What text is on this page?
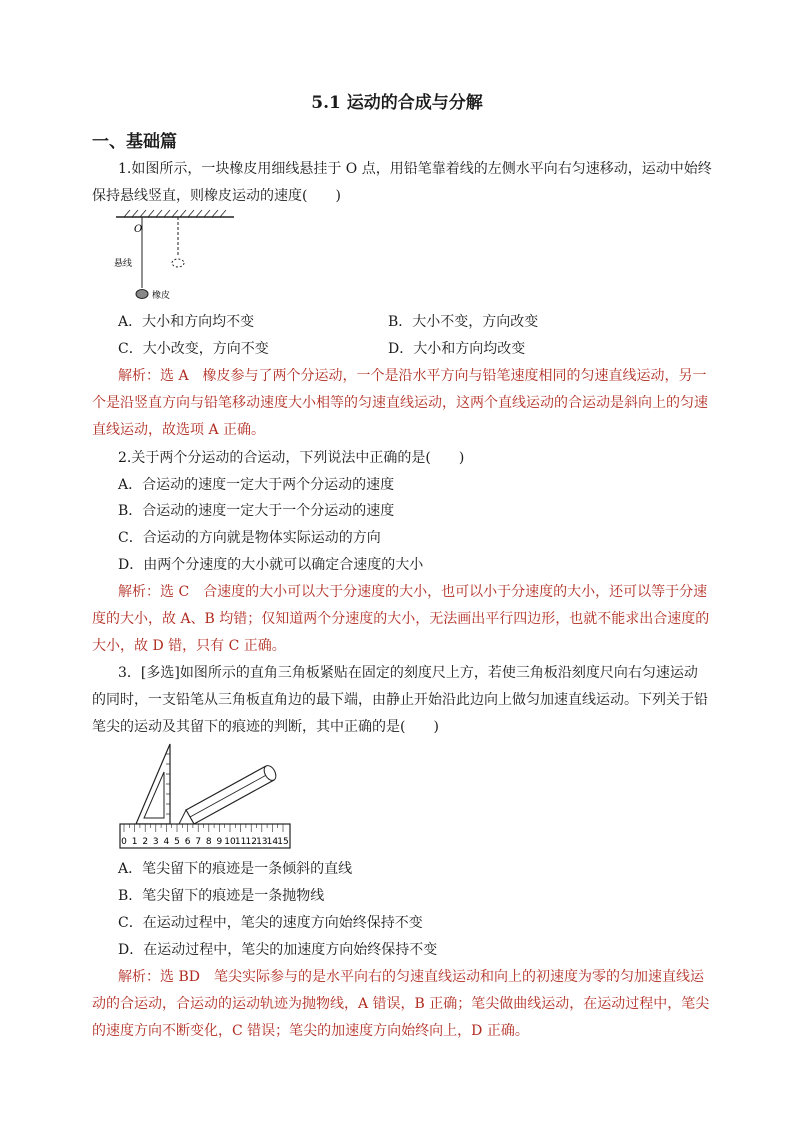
5.1 运动的合成与分解
一、基础篇
1.如图所示，一块橡皮用细线悬挂于 O 点，用铅笔靠着线的左侧水平向右匀速移动，运动中始终
保持悬线竖直，则橡皮运动的速度(　　)
O
悬线
橡皮
A．大小和方向均不变	B．大小不变，方向改变
C．大小改变，方向不变	D．大小和方向均改变
解析：选 A　橡皮参与了两个分运动，一个是沿水平方向与铅笔速度相同的匀速直线运动，另一
个是沿竖直方向与铅笔移动速度大小相等的匀速直线运动，这两个直线运动的合运动是斜向上的匀速
直线运动，故选项 A 正确。
2.关于两个分运动的合运动，下列说法中正确的是(　　)
A．合运动的速度一定大于两个分运动的速度
B．合运动的速度一定大于一个分运动的速度
C．合运动的方向就是物体实际运动的方向
D．由两个分速度的大小就可以确定合速度的大小
解析：选 C　合速度的大小可以大于分速度的大小，也可以小于分速度的大小，还可以等于分速
度的大小，故 A、B 均错；仅知道两个分速度的大小，无法画出平行四边形，也就不能求出合速度的
大小，故 D 错，只有 C 正确。
3．[多选]如图所示的直角三角板紧贴在固定的刻度尺上方，若使三角板沿刻度尺向右匀速运动
的同时，一支铅笔从三角板直角边的最下端，由静止开始沿此边向上做匀加速直线运动。下列关于铅
笔尖的运动及其留下的痕迹的判断，其中正确的是(　　)
0 1 2 3 4 5 6 7 8 9 10 11 12 13 14 15
A．笔尖留下的痕迹是一条倾斜的直线
B．笔尖留下的痕迹是一条抛物线
C．在运动过程中，笔尖的速度方向始终保持不变
D．在运动过程中，笔尖的加速度方向始终保持不变
解析：选 BD　笔尖实际参与的是水平向右的匀速直线运动和向上的初速度为零的匀加速直线运
动的合运动，合运动的运动轨迹为抛物线，A 错误，B 正确；笔尖做曲线运动，在运动过程中，笔尖
的速度方向不断变化，C 错误；笔尖的加速度方向始终向上，D 正确。
